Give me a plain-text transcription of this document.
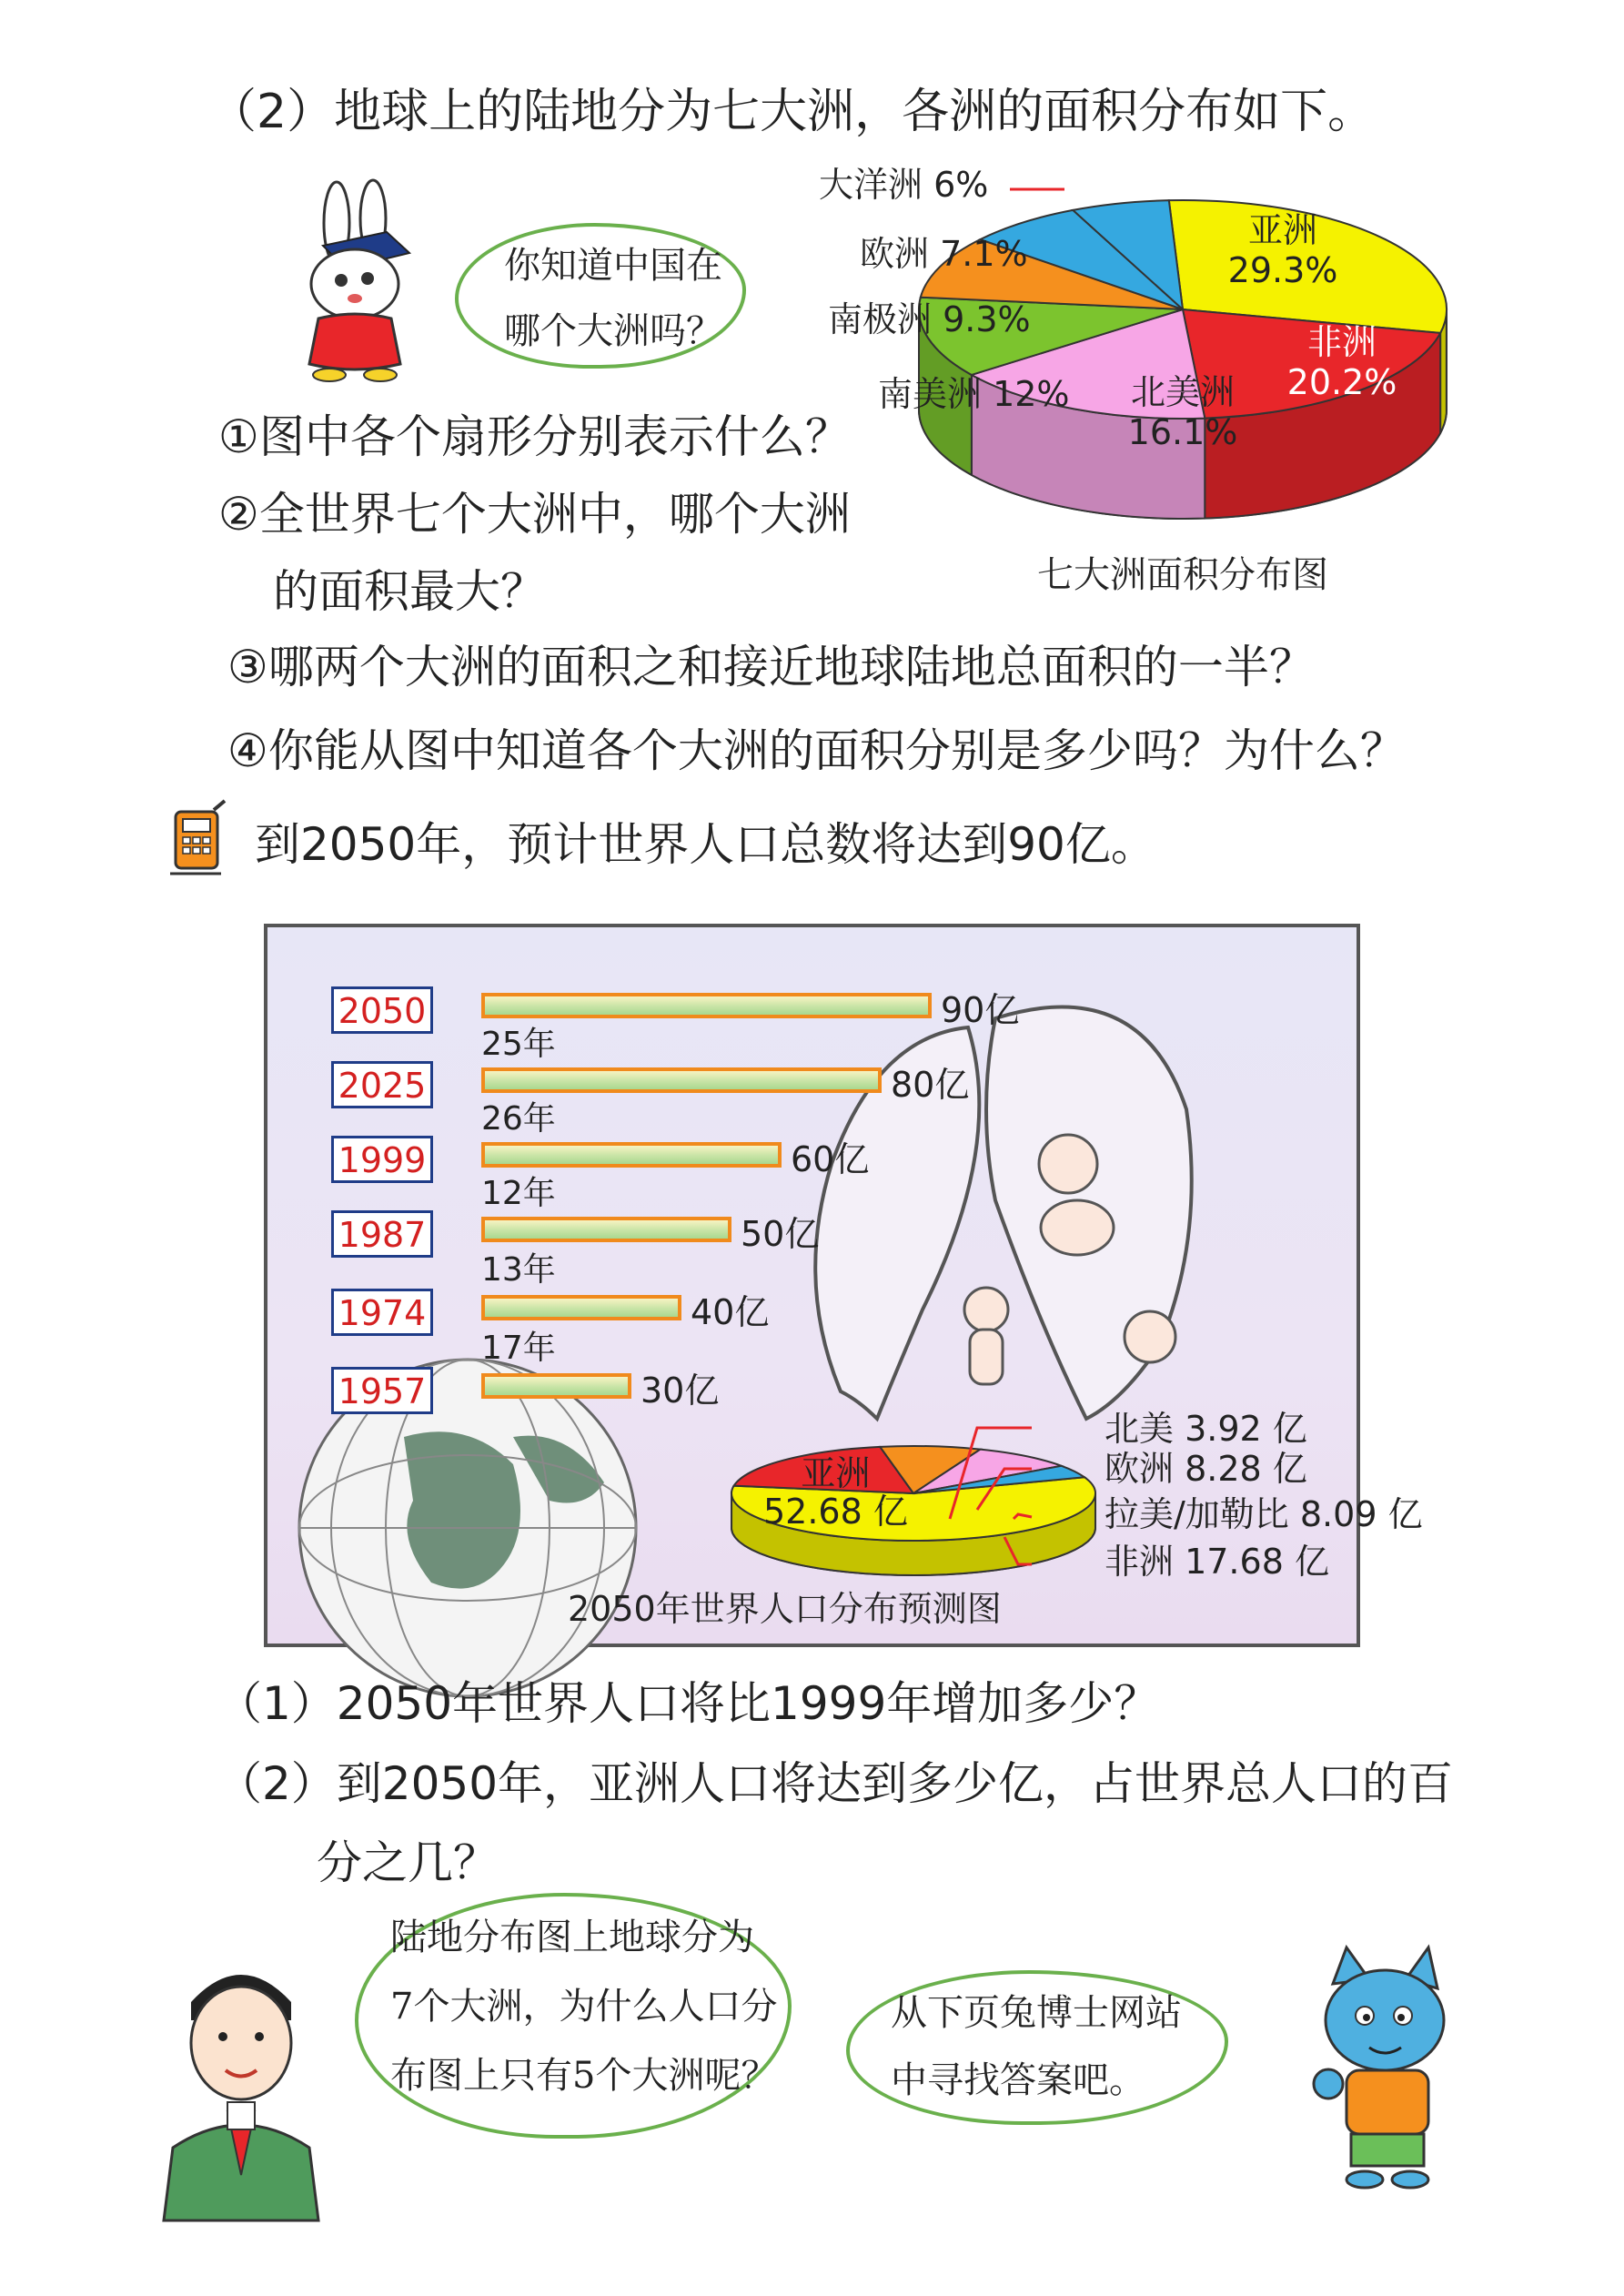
（2）地球上的陆地分为七大洲，各洲的面积分布如下。
你知道中国在
哪个大洲吗？
大洋洲 6%
欧洲 7.1%
南极洲 9.3%
南美洲 12%
亚洲
29.3%
非洲
20.2%
北美洲
16.1%
七大洲面积分布图
①图中各个扇形分别表示什么？
②全世界七个大洲中，哪个大洲
的面积最大？
③哪两个大洲的面积之和接近地球陆地总面积的一半？
④你能从图中知道各个大洲的面积分别是多少吗？为什么？
到2050年，预计世界人口总数将达到90亿。
2050
2025
1999
1987
1974
1957
90亿
80亿
60亿
50亿
40亿
30亿
25年
26年
12年
13年
17年
亚洲
52.68 亿
北美 3.92 亿
欧洲 8.28 亿
拉美/加勒比 8.09 亿
非洲 17.68 亿
2050年世界人口分布预测图
（1）2050年世界人口将比1999年增加多少？
（2）到2050年，亚洲人口将达到多少亿，占世界总人口的百
分之几？
陆地分布图上地球分为
7个大洲，为什么人口分
布图上只有5个大洲呢？
从下页兔博士网站
中寻找答案吧。
